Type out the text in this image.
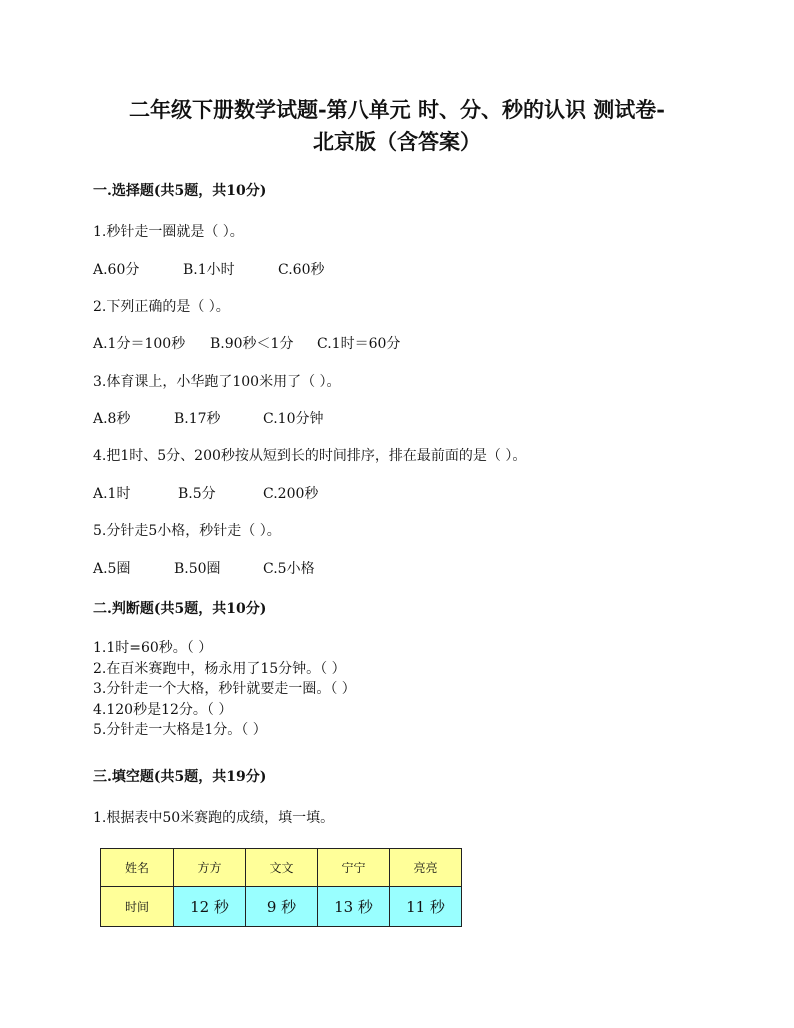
二年级下册数学试题-第八单元 时、分、秒的认识 测试卷-
北京版（含答案）
一.选择题(共5题，共10分)
1.秒针走一圈就是（ ）。
A.60分	B.1小时	C.60秒
2.下列正确的是（ ）。
A.1分＝100秒 B.90秒＜1分 C.1时＝60分
3.体育课上，小华跑了100米用了（ ）。
A.8秒	B.17秒	C.10分钟
4.把1时、5分、200秒按从短到长的时间排序，排在最前面的是（ ）。
A.1时	B.5分	C.200秒
5.分针走5小格，秒针走（ ）。
A.5圈	B.50圈	C.5小格
二.判断题(共5题，共10分)
1.1时=60秒。（ ）
2.在百米赛跑中，杨永用了15分钟。（ ）
3.分针走一个大格，秒针就要走一圈。（ ）
4.120秒是12分。（ ）
5.分针走一大格是1分。（ ）
三.填空题(共5题，共19分)
1.根据表中50米赛跑的成绩，填一填。
姓名	方方	文文	宁宁	亮亮
时间	12 秒	9 秒	13 秒	11 秒
